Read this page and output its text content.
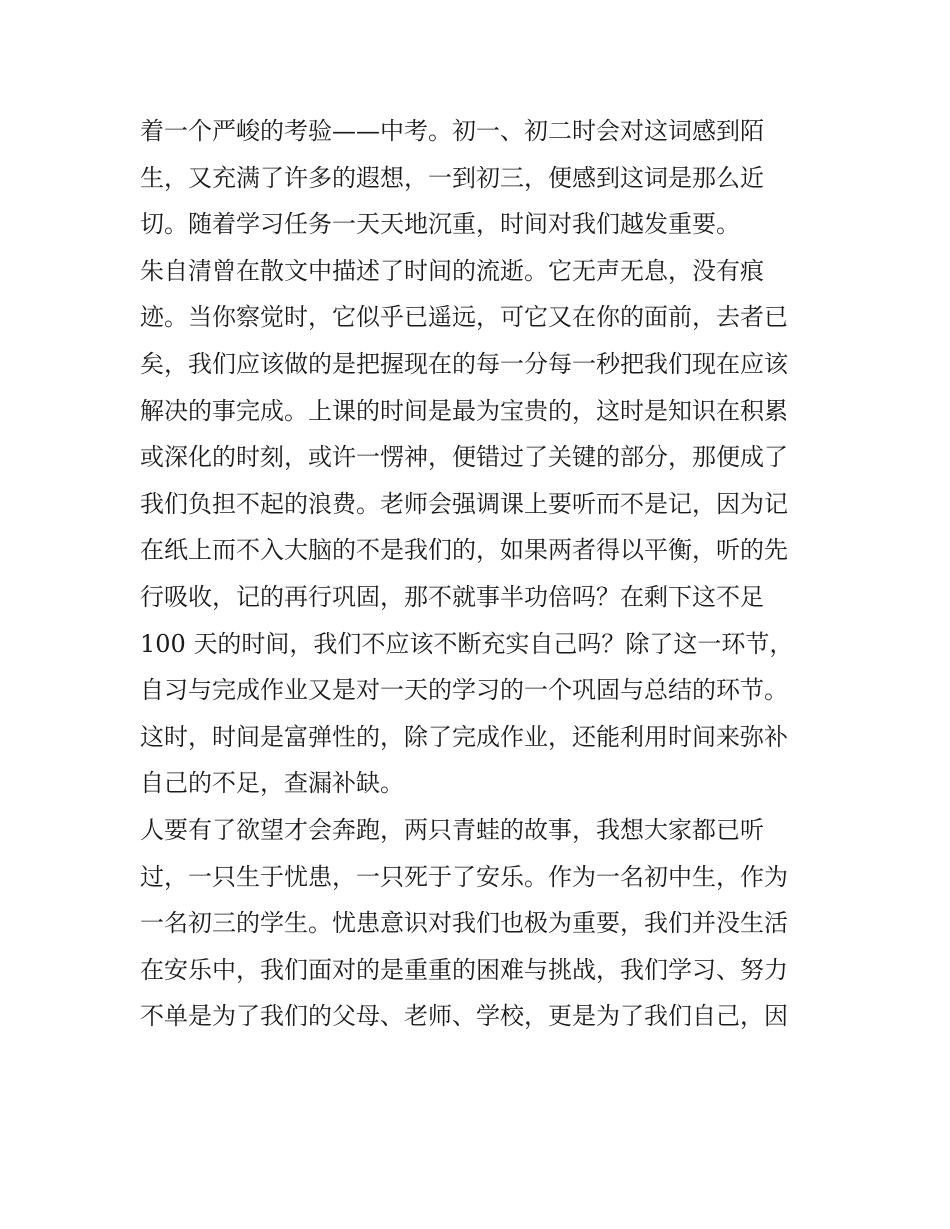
着一个严峻的考验——中考。初一、初二时会对这词感到陌
生，又充满了许多的遐想，一到初三，便感到这词是那么近
切。随着学习任务一天天地沉重，时间对我们越发重要。
朱自清曾在散文中描述了时间的流逝。它无声无息，没有痕
迹。当你察觉时，它似乎已遥远，可它又在你的面前，去者已
矣，我们应该做的是把握现在的每一分每一秒把我们现在应该
解决的事完成。上课的时间是最为宝贵的，这时是知识在积累
或深化的时刻，或许一愣神，便错过了关键的部分，那便成了
我们负担不起的浪费。老师会强调课上要听而不是记，因为记
在纸上而不入大脑的不是我们的，如果两者得以平衡，听的先
行吸收，记的再行巩固，那不就事半功倍吗？在剩下这不足
100 天的时间，我们不应该不断充实自己吗？除了这一环节，
自习与完成作业又是对一天的学习的一个巩固与总结的环节。
这时，时间是富弹性的，除了完成作业，还能利用时间来弥补
自己的不足，查漏补缺。
人要有了欲望才会奔跑，两只青蛙的故事，我想大家都已听
过，一只生于忧患，一只死于了安乐。作为一名初中生，作为
一名初三的学生。忧患意识对我们也极为重要，我们并没生活
在安乐中，我们面对的是重重的困难与挑战，我们学习、努力
不单是为了我们的父母、老师、学校，更是为了我们自己，因
